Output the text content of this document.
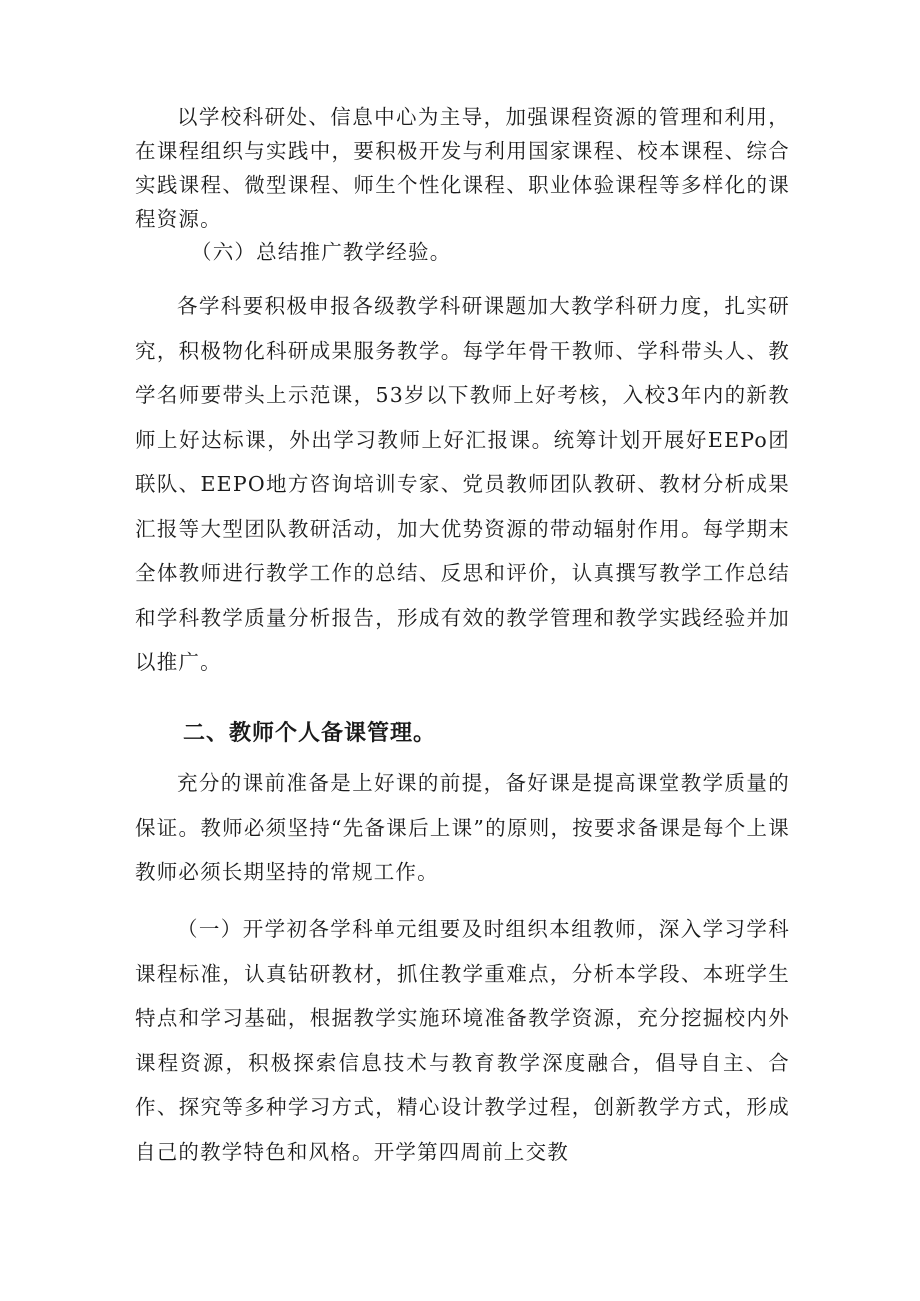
以学校科研处、信息中心为主导，加强课程资源的管理和利用，在课程组织与实践中，要积极开发与利用国家课程、校本课程、综合实践课程、微型课程、师生个性化课程、职业体验课程等多样化的课程资源。

（六）总结推广教学经验。

各学科要积极申报各级教学科研课题加大教学科研力度，扎实研究，积极物化科研成果服务教学。每学年骨干教师、学科带头人、教学名师要带头上示范课，53岁以下教师上好考核，入校3年内的新教师上好达标课，外出学习教师上好汇报课。统筹计划开展好EEPo团联队、EEPO地方咨询培训专家、党员教师团队教研、教材分析成果汇报等大型团队教研活动，加大优势资源的带动辐射作用。每学期末全体教师进行教学工作的总结、反思和评价，认真撰写教学工作总结和学科教学质量分析报告，形成有效的教学管理和教学实践经验并加以推广。

二、教师个人备课管理。

充分的课前准备是上好课的前提，备好课是提高课堂教学质量的保证。教师必须坚持“先备课后上课”的原则，按要求备课是每个上课教师必须长期坚持的常规工作。

（一）开学初各学科单元组要及时组织本组教师，深入学习学科课程标准，认真钻研教材，抓住教学重难点，分析本学段、本班学生特点和学习基础，根据教学实施环境准备教学资源，充分挖掘校内外课程资源，积极探索信息技术与教育教学深度融合，倡导自主、合作、探究等多种学习方式，精心设计教学过程，创新教学方式，形成自己的教学特色和风格。开学第四周前上交教
